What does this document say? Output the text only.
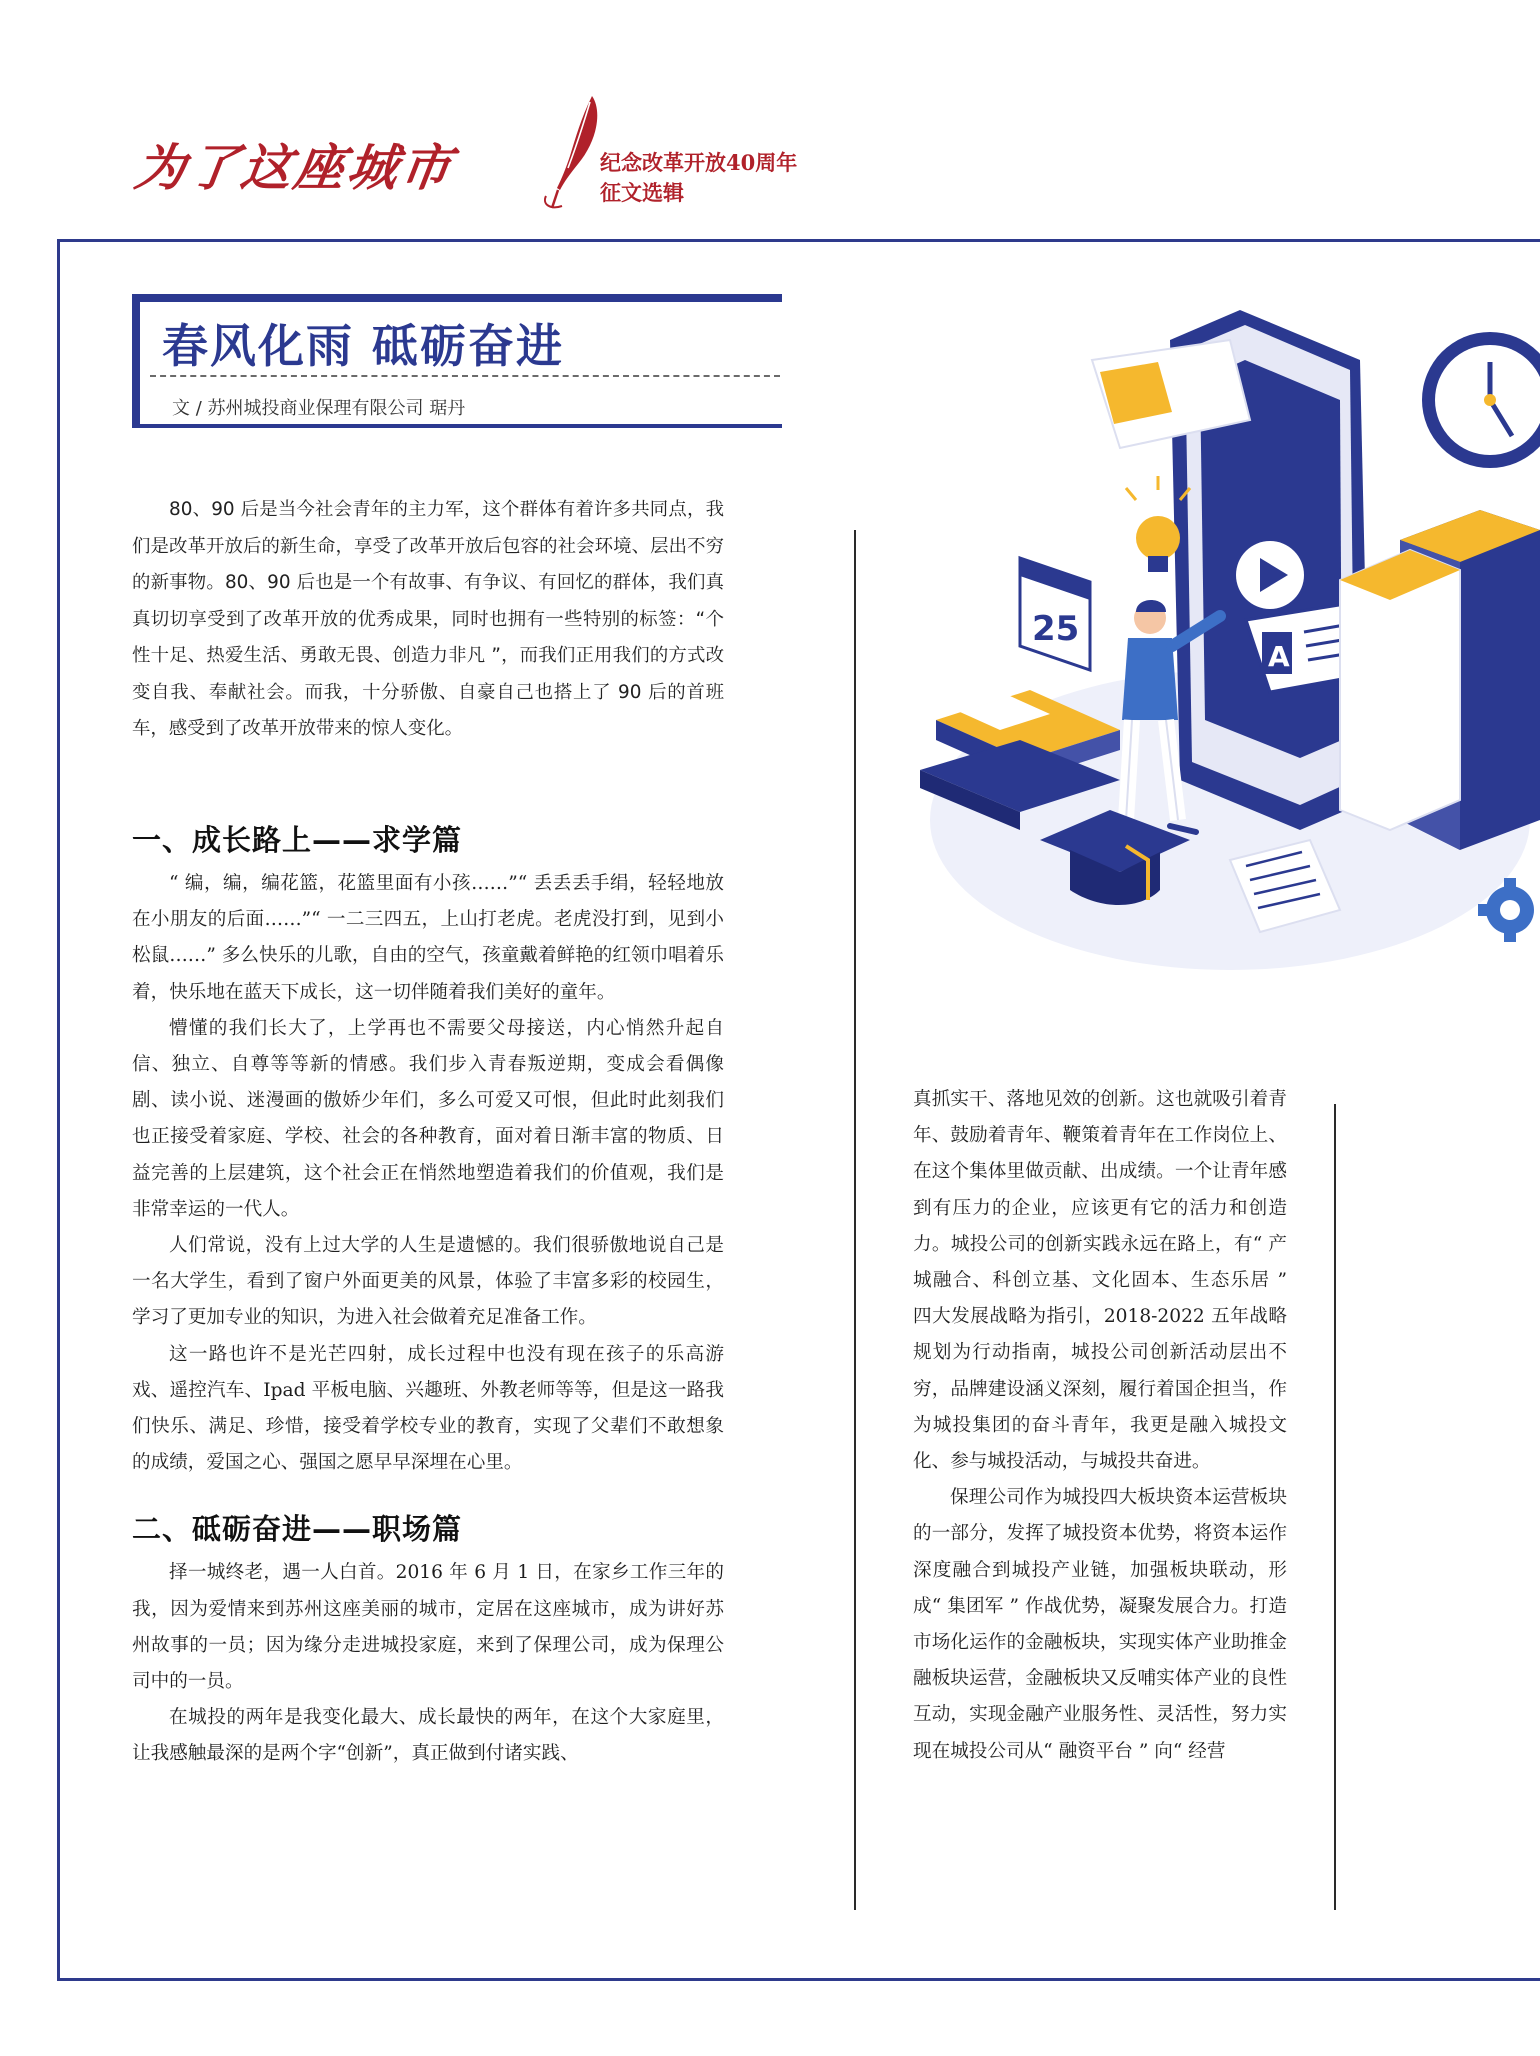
为了这座城市	纪念改革开放40周年
征文选辑
春风化雨 砥砺奋进
文 / 苏州城投商业保理有限公司 琚丹

80、90 后是当今社会青年的主力军，这个群体有着许多共同点，我们是改革开放后的新生命，享受了改革开放后包容的社会环境、层出不穷的新事物。80、90 后也是一个有故事、有争议、有回忆的群体，我们真真切切享受到了改革开放的优秀成果，同时也拥有一些特别的标签：“个性十足、热爱生活、勇敢无畏、创造力非凡 ”，而我们正用我们的方式改变自我、奉献社会。而我，十分骄傲、自豪自己也搭上了 90 后的首班车，感受到了改革开放带来的惊人变化。

一、成长路上——求学篇

“ 编，编，编花篮，花篮里面有小孩……”“ 丢丢丢手绢，轻轻地放在小朋友的后面……”“ 一二三四五，上山打老虎。老虎没打到，见到小松鼠……” 多么快乐的儿歌，自由的空气，孩童戴着鲜艳的红领巾唱着乐着，快乐地在蓝天下成长，这一切伴随着我们美好的童年。

懵懂的我们长大了，上学再也不需要父母接送，内心悄然升起自信、独立、自尊等等新的情感。我们步入青春叛逆期，变成会看偶像剧、读小说、迷漫画的傲娇少年们，多么可爱又可恨，但此时此刻我们也正接受着家庭、学校、社会的各种教育，面对着日渐丰富的物质、日益完善的上层建筑，这个社会正在悄然地塑造着我们的价值观，我们是非常幸运的一代人。

人们常说，没有上过大学的人生是遗憾的。我们很骄傲地说自己是一名大学生，看到了窗户外面更美的风景，体验了丰富多彩的校园生，学习了更加专业的知识，为进入社会做着充足准备工作。

这一路也许不是光芒四射，成长过程中也没有现在孩子的乐高游戏、遥控汽车、Ipad 平板电脑、兴趣班、外教老师等等，但是这一路我们快乐、满足、珍惜，接受着学校专业的教育，实现了父辈们不敢想象的成绩，爱国之心、强国之愿早早深埋在心里。

二、砥砺奋进——职场篇

择一城终老，遇一人白首。2016 年 6 月 1 日，在家乡工作三年的我，因为爱情来到苏州这座美丽的城市，定居在这座城市，成为讲好苏州故事的一员；因为缘分走进城投家庭，来到了保理公司，成为保理公司中的一员。

在城投的两年是我变化最大、成长最快的两年，在这个大家庭里，让我感触最深的是两个字“创新”，真正做到付诸实践、

真抓实干、落地见效的创新。这也就吸引着青年、鼓励着青年、鞭策着青年在工作岗位上、在这个集体里做贡献、出成绩。一个让青年感到有压力的企业，应该更有它的活力和创造力。城投公司的创新实践永远在路上，有“ 产城融合、科创立基、文化固本、生态乐居 ” 四大发展战略为指引，2018-2022 五年战略规划为行动指南，城投公司创新活动层出不穷，品牌建设涵义深刻，履行着国企担当，作为城投集团的奋斗青年，我更是融入城投文化、参与城投活动，与城投共奋进。

保理公司作为城投四大板块资本运营板块的一部分，发挥了城投资本优势，将资本运作深度融合到城投产业链，加强板块联动，形成“ 集团军 ” 作战优势，凝聚发展合力。打造市场化运作的金融板块，实现实体产业助推金融板块运营，金融板块又反哺实体产业的良性互动，实现金融产业服务性、灵活性，努力实现在城投公司从“ 融资平台 ” 向“ 经营

25
A
